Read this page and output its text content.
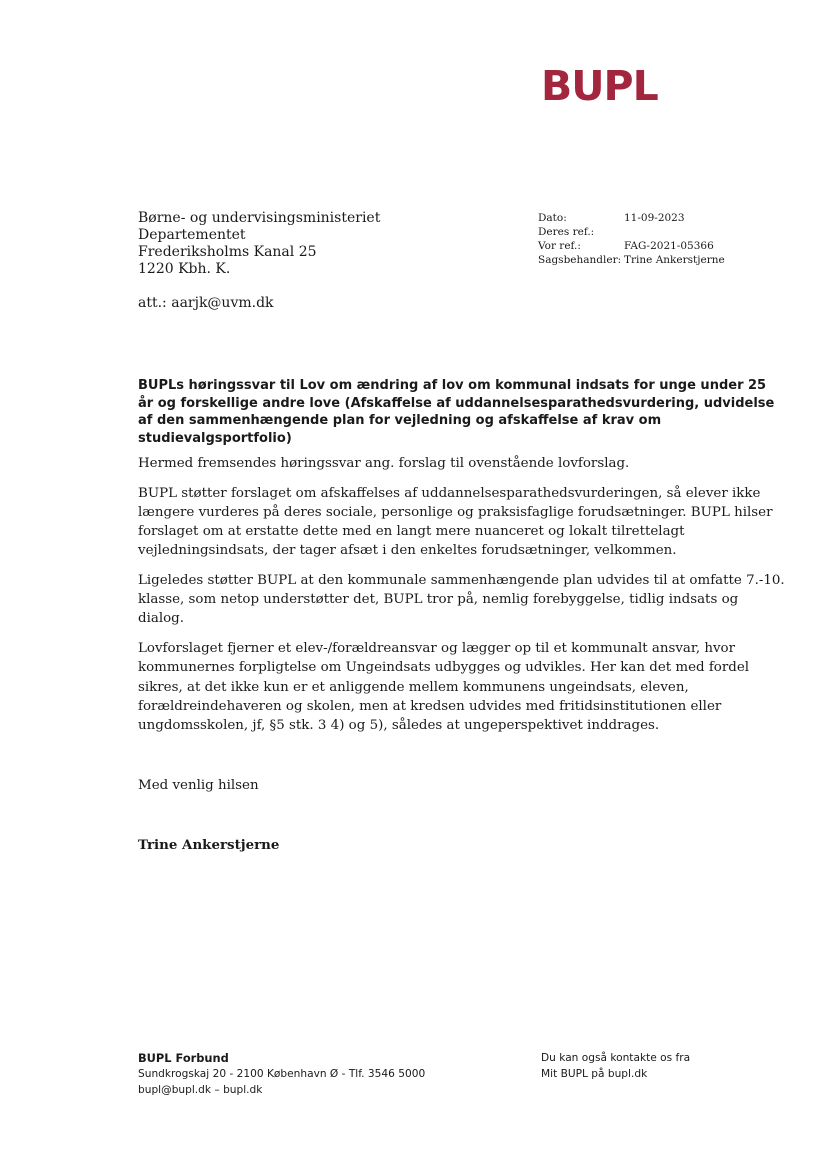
BUPL
Børne- og undervisingsministeriet
Departementet
Frederiksholms Kanal 25
1220 Kbh. K.
att.: aarjk@uvm.dk
Dato:	11-09-2023
Deres ref.:
Vor ref.:	FAG-2021-05366
Sagsbehandler: Trine Ankerstjerne
BUPLs høringssvar til Lov om ændring af lov om kommunal indsats for unge under 25 år og forskellige andre love (Afskaffelse af uddannelsesparathedsvurdering, udvidelse af den sammenhængende plan for vejledning og afskaffelse af krav om studievalgsportfolio)

Hermed fremsendes høringssvar ang. forslag til ovenstående lovforslag.

BUPL støtter forslaget om afskaffelses af uddannelsesparathedsvurderingen, så elever ikke længere vurderes på deres sociale, personlige og praksisfaglige forudsætninger. BUPL hilser forslaget om at erstatte dette med en langt mere nuanceret og lokalt tilrettelagt vejledningsindsats, der tager afsæt i den enkeltes forudsætninger, velkommen.

Ligeledes støtter BUPL at den kommunale sammenhængende plan udvides til at omfatte 7.-10. klasse, som netop understøtter det, BUPL tror på, nemlig forebyggelse, tidlig indsats og dialog.

Lovforslaget fjerner et elev-/forældreansvar og lægger op til et kommunalt ansvar, hvor kommunernes forpligtelse om Ungeindsats udbygges og udvikles. Her kan det med fordel sikres, at det ikke kun er et anliggende mellem kommunens ungeindsats, eleven, forældreindehaveren og skolen, men at kredsen udvides med fritidsinstitutionen eller ungdomsskolen, jf, §5 stk. 3 4) og 5), således at ungeperspektivet inddrages.

Med venlig hilsen
Trine Ankerstjerne
BUPL Forbund
Sundkrogskaj 20 - 2100 København Ø - Tlf. 3546 5000
bupl@bupl.dk – bupl.dk
Du kan også kontakte os fra
Mit BUPL på bupl.dk
